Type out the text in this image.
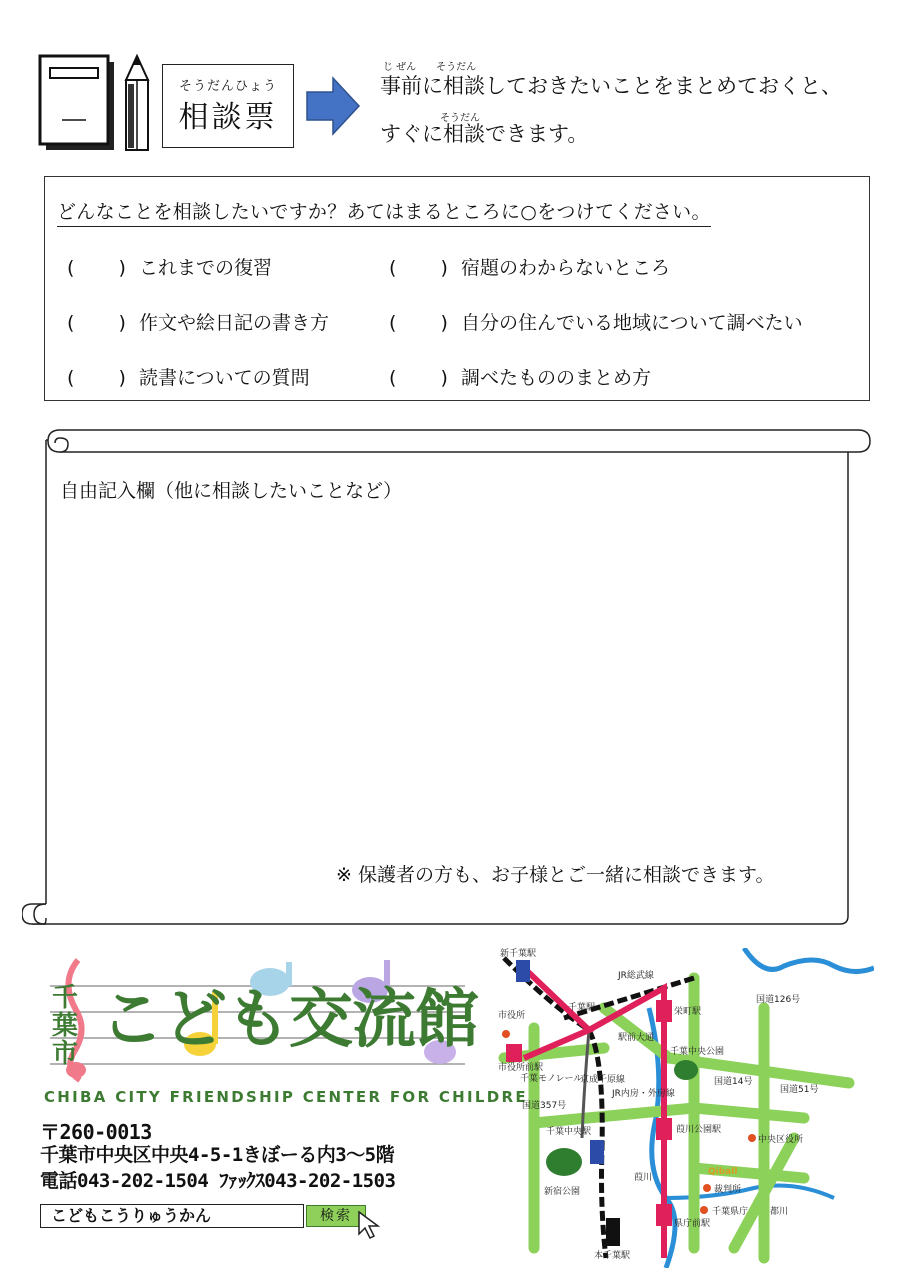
そうだんひょう
相談票
じ ぜん　　そうだん
事前に相談しておきたいことをまとめておくと、
そうだん
すぐに相談できます。
どんなことを相談したいですか？あてはまるところに○をつけてください。
(　　 ) これまでの復習	(　　 ) 宿題のわからないところ
(　　 ) 作文や絵日記の書き方	(　　 ) 自分の住んでいる地域について調べたい
(　　 ) 読書についての質問	(　　 ) 調べたもののまとめ方
自由記入欄（他に相談したいことなど）
※ 保護者の方も、お子様とご一緒に相談できます。
千葉市 こども交流館
CHIBA CITY FRIENDSHIP CENTER FOR CHILDREN
〒260-0013
千葉市中央区中央4-5-1きぼーる内3～5階
電話043-202-1504 ﾌｧｯｸｽ043-202-1503
こどもこうりゅうかん	検索
JR総武線
新千葉駅
市役所
市役所前駅
千葉モノレール
千葉駅
駅前大通
栄町駅
千葉中央公園
京成千原線
JR内房・外房線
国道357号
国道126号
国道14号
国道51号
葭川公園駅
中央区役所
千葉中央駅
葭川
Qiball
裁判所
新宿公園
千葉県庁 都川
県庁前駅
本千葉駅
